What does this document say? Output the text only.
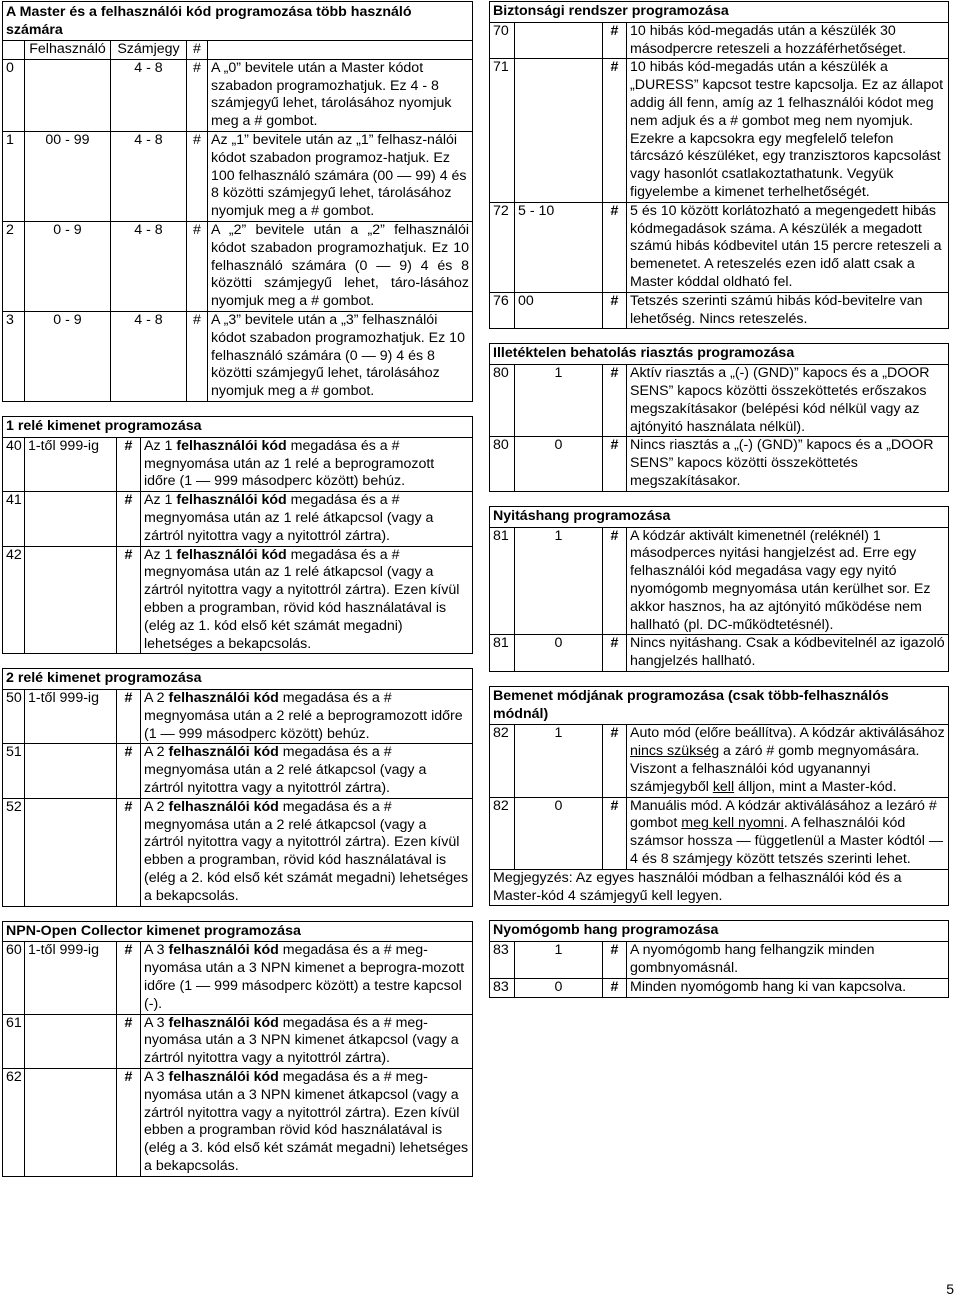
A Master és a felhasználói kód programozása több használó számára				
	Felhasználó	Számjegy	#	
0		4 - 8	#	A „0” bevitele után a Master kódot szabadon programozhatjuk. Ez 4 - 8 számjegyű lehet, tárolásához nyomjuk meg a # gombot.
1	00 - 99	4 - 8	#	Az „1” bevitele után az „1” felhasz-nálói kódot szabadon programoz-hatjuk. Ez 100 felhasználó számára (00 — 99) 4 és 8 közötti számjegyű lehet, tárolásához nyomjuk meg a # gombot.
2	0 - 9	4 - 8	#	A „2” bevitele után a „2” felhasználói kódot szabadon programozhatjuk. Ez 10 felhasználó számára (0 — 9) 4 és 8 közötti számjegyű lehet, táro-lásához nyomjuk meg a # gombot.
3	0 - 9	4 - 8	#	A „3” bevitele után a „3” felhasználói kódot szabadon programozhatjuk. Ez 10 felhasználó számára (0 — 9) 4 és 8 közötti számjegyű lehet, tárolásához nyomjuk meg a # gombot.
1 relé kimenet programozása			
40	1-től 999-ig	#	Az 1 felhasználói kód megadása és a # megnyomása után az 1 relé a beprogramozott időre (1 — 999 másodperc között) behúz.
41		#	Az 1 felhasználói kód megadása és a # megnyomása után az 1 relé átkapcsol (vagy a zártról nyitottra vagy a nyitottról zártra).
42		#	Az 1 felhasználói kód megadása és a # megnyomása után az 1 relé átkapcsol (vagy a zártról nyitottra vagy a nyitottról zártra). Ezen kívül ebben a programban, rövid kód használatával is (elég az 1. kód első két számát megadni) lehetséges a bekapcsolás.
2 relé kimenet programozása			
50	1-től 999-ig	#	A 2 felhasználói kód megadása és a # megnyomása után a 2 relé a beprogramozott időre (1 — 999 másodperc között) behúz.
51		#	A 2 felhasználói kód megadása és a # megnyomása után a 2 relé átkapcsol (vagy a zártról nyitottra vagy a nyitottról zártra).
52		#	A 2 felhasználói kód megadása és a # megnyomása után a 2 relé átkapcsol (vagy a zártról nyitottra vagy a nyitottról zártra). Ezen kívül ebben a programban, rövid kód használatával is (elég a 2. kód első két számát megadni) lehetséges a bekapcsolás.
NPN-Open Collector kimenet programozása			
60	1-től 999-ig	#	A 3 felhasználói kód megadása és a # meg-nyomása után a 3 NPN kimenet a beprogra-mozott időre (1 — 999 másodperc között) a testre kapcsol (-).
61		#	A 3 felhasználói kód megadása és a # meg-nyomása után a 3 NPN kimenet átkapcsol (vagy a zártról nyitottra vagy a nyitottról zártra).
62		#	A 3 felhasználói kód megadása és a # meg-nyomása után a 3 NPN kimenet átkapcsol (vagy a zártról nyitottra vagy a nyitottról zártra). Ezen kívül ebben a programban rövid kód használatával is (elég a 3. kód első két számát megadni) lehetséges a bekapcsolás.
Biztonsági rendszer programozása			
70		#	10 hibás kód-megadás után a készülék 30 másodpercre reteszeli a hozzáférhetőséget.
71		#	10 hibás kód-megadás után a készülék a „DURESS” kapcsot testre kapcsolja. Ez az állapot addig áll fenn, amíg az 1 felhasználói kódot meg nem adjuk és a # gombot meg nem nyomjuk. Ezekre a kapcsokra egy megfelelő telefon tárcsázó készüléket, egy tranzisztoros kapcsolást vagy hasonlót csatlakoztathatunk. Vegyük figyelembe a kimenet terhelhetőségét.
72	5 - 10	#	5 és 10 között korlátozható a megengedett hibás kódmegadások száma. A készülék a megadott számú hibás kódbevitel után 15 percre reteszeli a bemenetet. A reteszelés ezen idő alatt csak a Master kóddal oldható fel.
76	00	#	Tetszés szerinti számú hibás kód-bevitelre van lehetőség. Nincs reteszelés.
Illetéktelen behatolás riasztás programozása			
80	1	#	Aktív riasztás a „(-) (GND)” kapocs és a „DOOR SENS” kapocs közötti összeköttetés erőszakos megszakításakor (belépési kód nélkül vagy az ajtónyitó használata nélkül).
80	0	#	Nincs riasztás a „(-) (GND)” kapocs és a „DOOR SENS” kapocs közötti összeköttetés megszakításakor.
Nyitáshang programozása			
81	1	#	A kódzár aktivált kimenetnél (reléknél) 1 másodperces nyitási hangjelzést ad. Erre egy felhasználói kód megadása vagy egy nyitó nyomógomb megnyomása után kerülhet sor. Ez akkor hasznos, ha az ajtónyitó működése nem hallható (pl. DC-működtetésnél).
81	0	#	Nincs nyitáshang. Csak a kódbevitelnél az igazoló hangjelzés hallható.
Bemenet módjának programozása (csak több-felhasználós módnál)			
82	1	#	Auto mód (előre beállítva). A kódzár aktiválásához nincs szükség a záró # gomb megnyomására. Viszont a felhasználói kód ugyanannyi számjegyből kell álljon, mint a Master-kód.
82	0	#	Manuális mód. A kódzár aktiválásához a lezáró # gombot meg kell nyomni. A felhasználói kód számsor hossza — függetlenül a Master kódtól — 4 és 8 számjegy között tetszés szerinti lehet.
Megjegyzés: Az egyes használói módban a felhasználói kód és a Master-kód 4 számjegyű kell legyen.			
Nyomógomb hang programozása			
83	1	#	A nyomógomb hang felhangzik minden gombnyomásnál.
83	0	#	Minden nyomógomb hang ki van kapcsolva.
5
